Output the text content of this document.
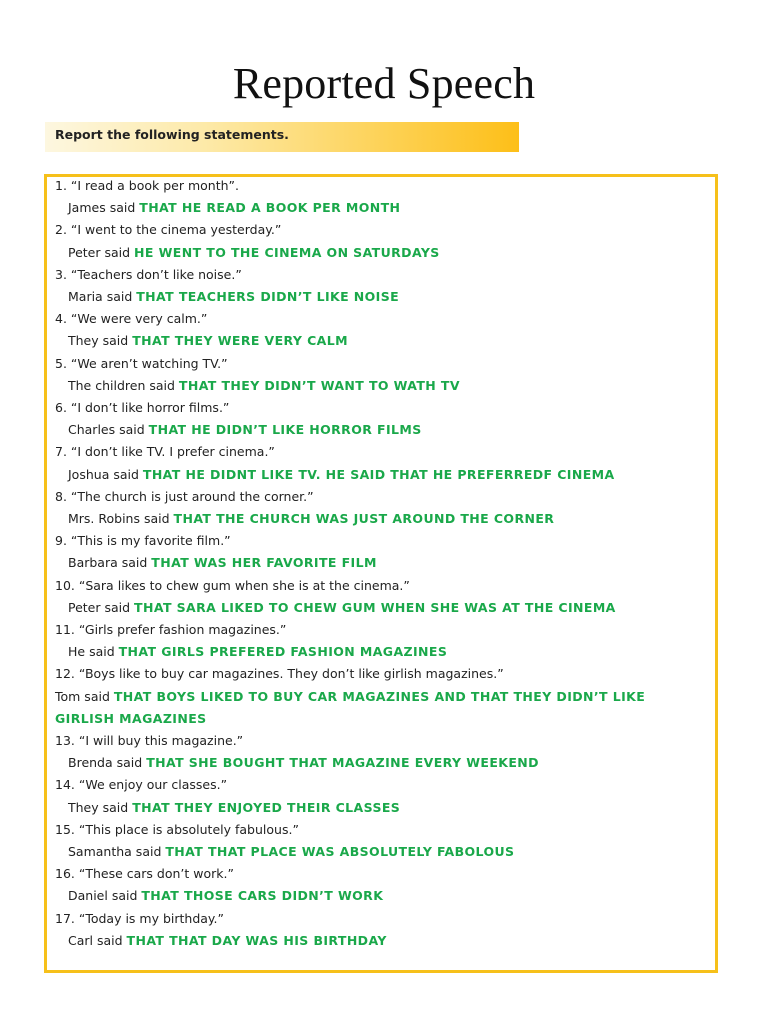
Reported Speech
Report the following statements.
1. “I read a book per month”.
James said THAT HE READ A BOOK PER MONTH
2. “I went to the cinema yesterday.”
Peter said HE WENT TO THE CINEMA ON SATURDAYS
3. “Teachers don’t like noise.”
Maria said THAT TEACHERS DIDN’T LIKE NOISE
4. “We were very calm.”
They said THAT THEY WERE VERY CALM
5. “We aren’t watching TV.”
The children said THAT THEY DIDN’T WANT TO WATH TV
6. “I don’t like horror films.”
Charles said THAT HE DIDN’T LIKE HORROR FILMS
7. “I don’t like TV. I prefer cinema.”
Joshua said THAT HE DIDNT LIKE TV. HE SAID THAT HE PREFERREDF CINEMA
8. “The church is just around the corner.”
Mrs. Robins said THAT THE CHURCH WAS JUST AROUND THE CORNER
9. “This is my favorite film.”
Barbara said THAT WAS HER FAVORITE FILM
10. “Sara likes to chew gum when she is at the cinema.”
Peter said THAT SARA LIKED TO CHEW GUM WHEN SHE WAS AT THE CINEMA
11. “Girls prefer fashion magazines.”
He said THAT GIRLS PREFERED FASHION MAGAZINES
12. “Boys like to buy car magazines. They don’t like girlish magazines.”
Tom said THAT BOYS LIKED TO BUY CAR MAGAZINES AND THAT THEY DIDN’T LIKE
GIRLISH MAGAZINES
13. “I will buy this magazine.”
Brenda said THAT SHE BOUGHT THAT MAGAZINE EVERY WEEKEND
14. “We enjoy our classes.”
They said THAT THEY ENJOYED THEIR CLASSES
15. “This place is absolutely fabulous.”
Samantha said THAT THAT PLACE WAS ABSOLUTELY FABOLOUS
16. “These cars don’t work.”
Daniel said THAT THOSE CARS DIDN’T WORK
17. “Today is my birthday.”
Carl said THAT THAT DAY WAS HIS BIRTHDAY
